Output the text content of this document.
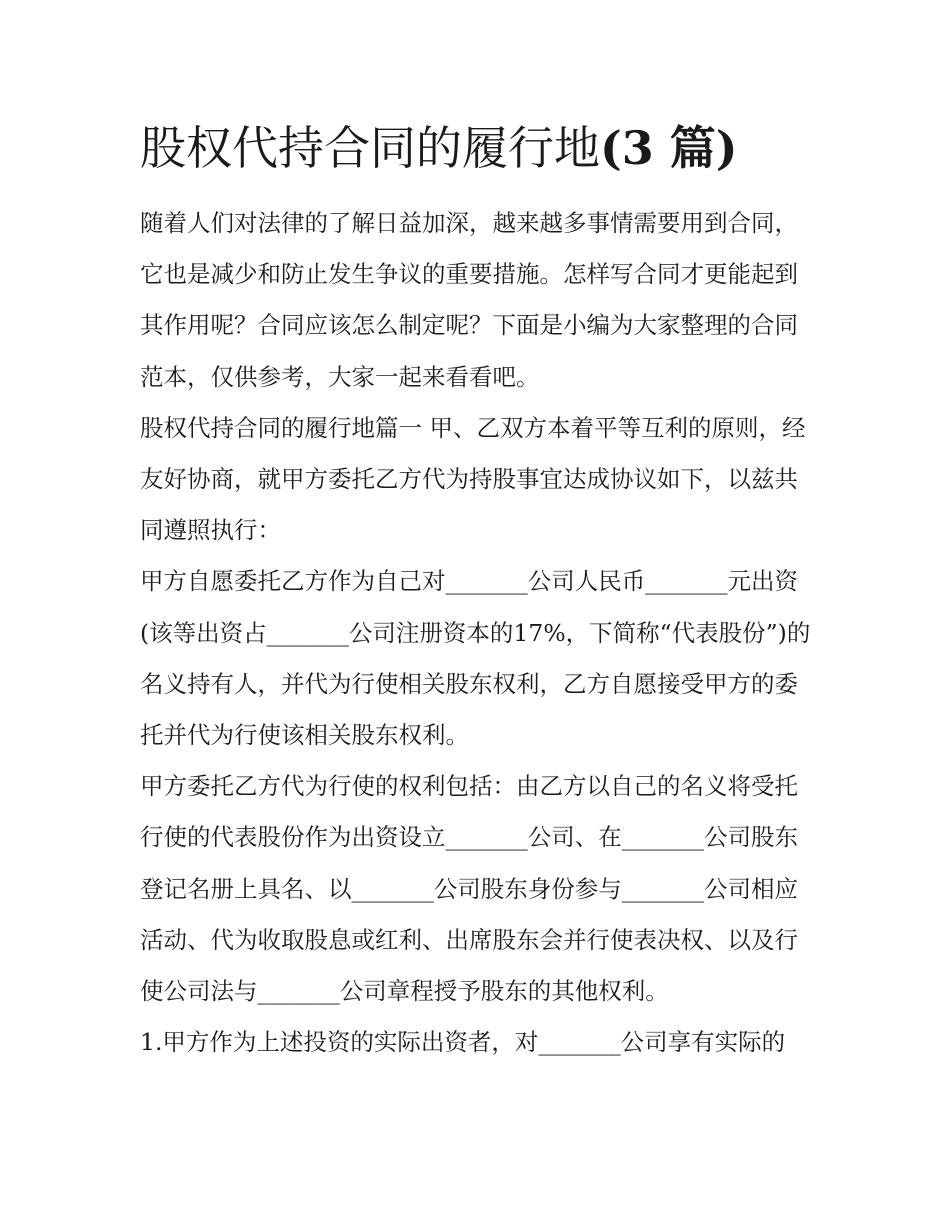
股权代持合同的履行地(3 篇)

随着人们对法律的了解日益加深，越来越多事情需要用到合同，它也是减少和防止发生争议的重要措施。怎样写合同才更能起到其作用呢？合同应该怎么制定呢？下面是小编为大家整理的合同范本，仅供参考，大家一起来看看吧。

股权代持合同的履行地篇一 甲、乙双方本着平等互利的原则，经友好协商，就甲方委托乙方代为持股事宜达成协议如下，以兹共同遵照执行：

甲方自愿委托乙方作为自己对_______公司人民币_______元出资(该等出资占_______公司注册资本的17%，下简称“代表股份”)的名义持有人，并代为行使相关股东权利，乙方自愿接受甲方的委托并代为行使该相关股东权利。

甲方委托乙方代为行使的权利包括：由乙方以自己的名义将受托行使的代表股份作为出资设立_______公司、在_______公司股东登记名册上具名、以_______公司股东身份参与_______公司相应活动、代为收取股息或红利、出席股东会并行使表决权、以及行使公司法与_______公司章程授予股东的其他权利。

1.甲方作为上述投资的实际出资者，对_______公司享有实际的
